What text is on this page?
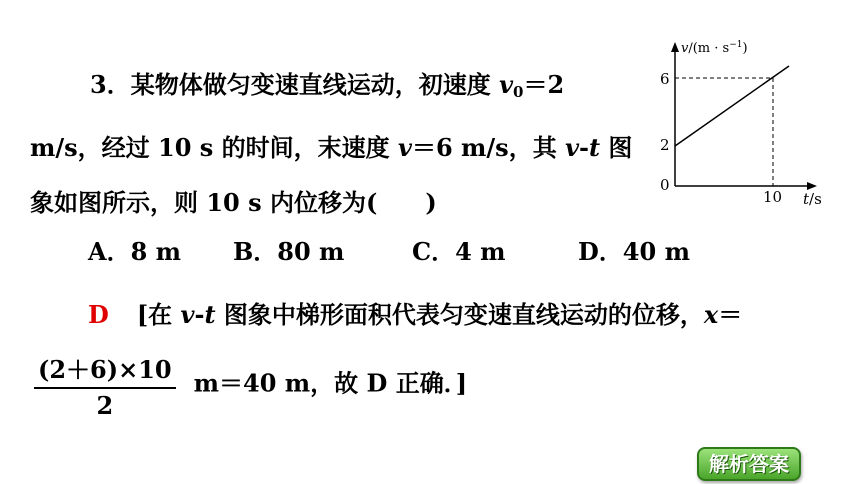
3．某物体做匀变速直线运动，初速度 $v_0=2$
m/s，经过 10 s 的时间，末速度 v＝6 m/s，其 v-t 图
象如图所示，则 10 s 内位移为(　　)
A．8 m B．80 m	C．4 m	D．40 m
D [在 v-t 图象中梯形面积代表匀变速直线运动的位移，x＝
$\frac{(2+6)\times 10}{2} m=40$ m，故 D 正确．]
6
2
0
10
$v/(m \cdot s^{-1})$
t/s
解析答案
